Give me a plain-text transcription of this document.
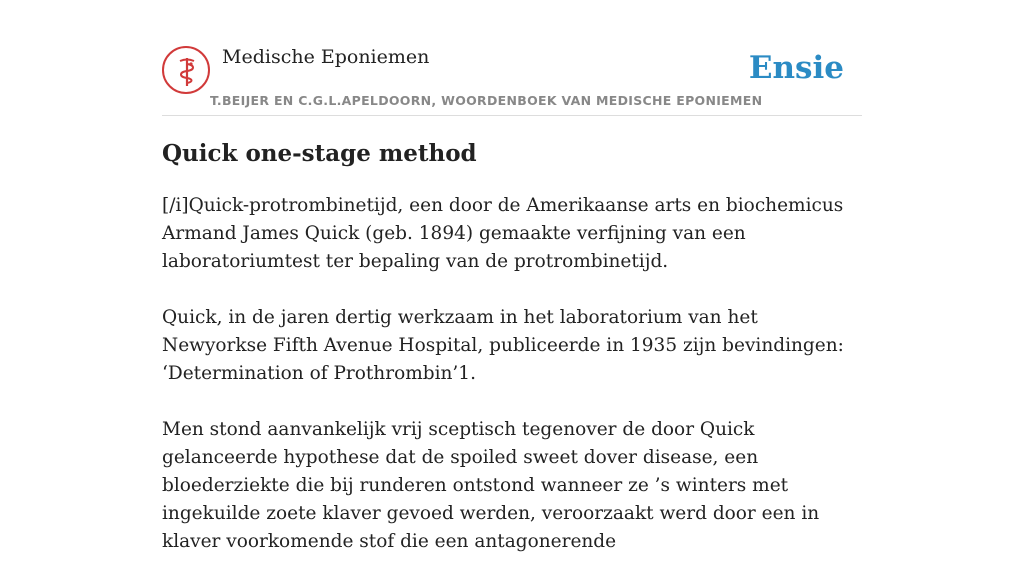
Medische Eponiemen
T.BEIJER EN C.G.L.APELDOORN, WOORDENBOEK VAN MEDISCHE EPONIEMEN
Ensie
Quick one-stage method

[/i]Quick-protrombinetijd, een door de Amerikaanse arts en biochemicus Armand James Quick (geb. 1894) gemaakte verfijning van een laboratoriumtest ter bepaling van de protrombinetijd.

Quick, in de jaren dertig werkzaam in het laboratorium van het Newyorkse Fifth Avenue Hospital, publiceerde in 1935 zijn bevindingen: ‘Determination of Prothrombin’1.

Men stond aanvankelijk vrij sceptisch tegenover de door Quick gelanceerde hypothese dat de spoiled sweet dover disease, een bloederziekte die bij runderen ontstond wanneer ze ’s winters met ingekuilde zoete klaver gevoed werden, veroorzaakt werd door een in klaver voorkomende stof die een antagonerende
